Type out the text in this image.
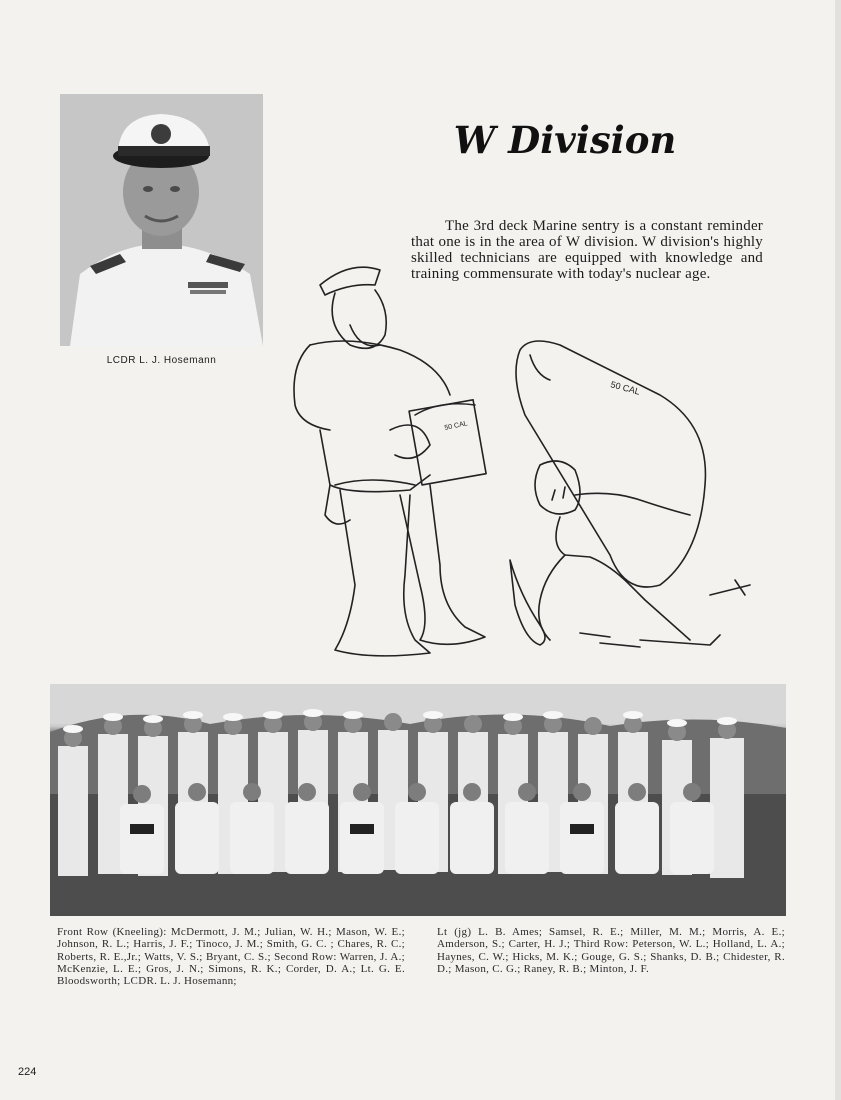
LCDR L. J. Hosemann
W Division
The 3rd deck Marine sentry is a constant reminder that one is in the area of W division. W division's highly skilled technicians are equipped with knowledge and training commensurate with today's nuclear age.
50 CAL
50 CAL
Front Row (Kneeling): McDermott, J. M.; Julian, W. H.; Mason, W. E.; Johnson, R. L.; Harris, J. F.; Tinoco, J. M.; Smith, G. C. ; Chares, R. C.; Roberts, R. E.,Jr.; Watts, V. S.; Bryant, C. S.; Second Row: Warren, J. A.; McKenzie, L. E.; Gros, J. N.; Simons, R. K.; Corder, D. A.; Lt. G. E. Bloodsworth; LCDR. L. J. Hosemann;
Lt (jg) L. B. Ames; Samsel, R. E.; Miller, M. M.; Morris, A. E.; Amderson, S.; Carter, H. J.; Third Row: Peterson, W. L.; Holland, L. A.; Haynes, C. W.; Hicks, M. K.; Gouge, G. S.; Shanks, D. B.; Chidester, R. D.; Mason, C. G.; Raney, R. B.; Minton, J. F.
224
